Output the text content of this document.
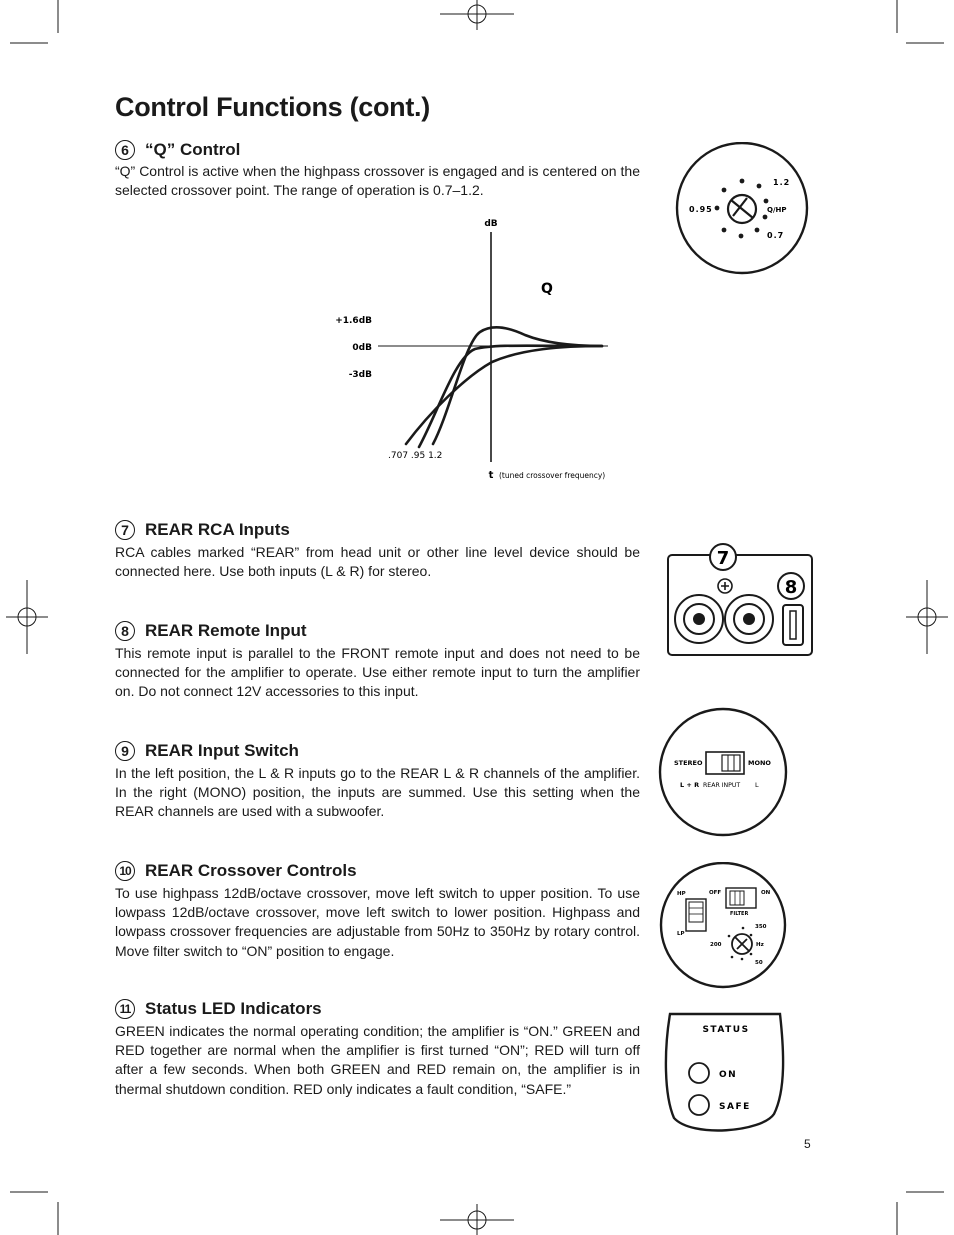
Control Functions (cont.)
6 “Q” Control
“Q” Control is active when the highpass crossover is engaged and is centered on the selected crossover point. The range of operation is 0.7–1.2.
dB
Q
+1.6dB
0dB
-3dB
.707 .95 1.2
t (tuned crossover frequency)
1.2
0.95	Q/HP
0.7
7 REAR RCA Inputs
RCA cables marked “REAR” from head unit or other line level device should be connected here. Use both inputs (L & R) for stereo.
7
8
8 REAR Remote Input
This remote input is parallel to the FRONT remote input and does not need to be connected for the amplifier to operate. Use either remote input to turn the amplifier on. Do not connect 12V accessories to this input.
STEREO	MONO
L + R REAR INPUT L
9 REAR Input Switch
In the left position, the L & R inputs go to the REAR L & R channels of the amplifier. In the right (MONO) position, the inputs are summed. Use this setting when the REAR channels are used with a subwoofer.
10 REAR Crossover Controls
To use highpass 12dB/octave crossover, move left switch to upper position. To use lowpass 12dB/octave crossover, move left switch to lower position. Highpass and lowpass crossover frequencies are adjustable from 50Hz to 350Hz by rotary control. Move filter switch to “ON” position to engage.
HP
LP
OFF	ON
FILTER
350
200	Hz
50
11 Status LED Indicators
GREEN indicates the normal operating condition; the amplifier is “ON.” GREEN and RED together are normal when the amplifier is first turned “ON”; RED will turn off after a few seconds. When both GREEN and RED remain on, the amplifier is in thermal shutdown condition. RED only indicates a fault condition, “SAFE.”
STATUS
ON
SAFE
5
